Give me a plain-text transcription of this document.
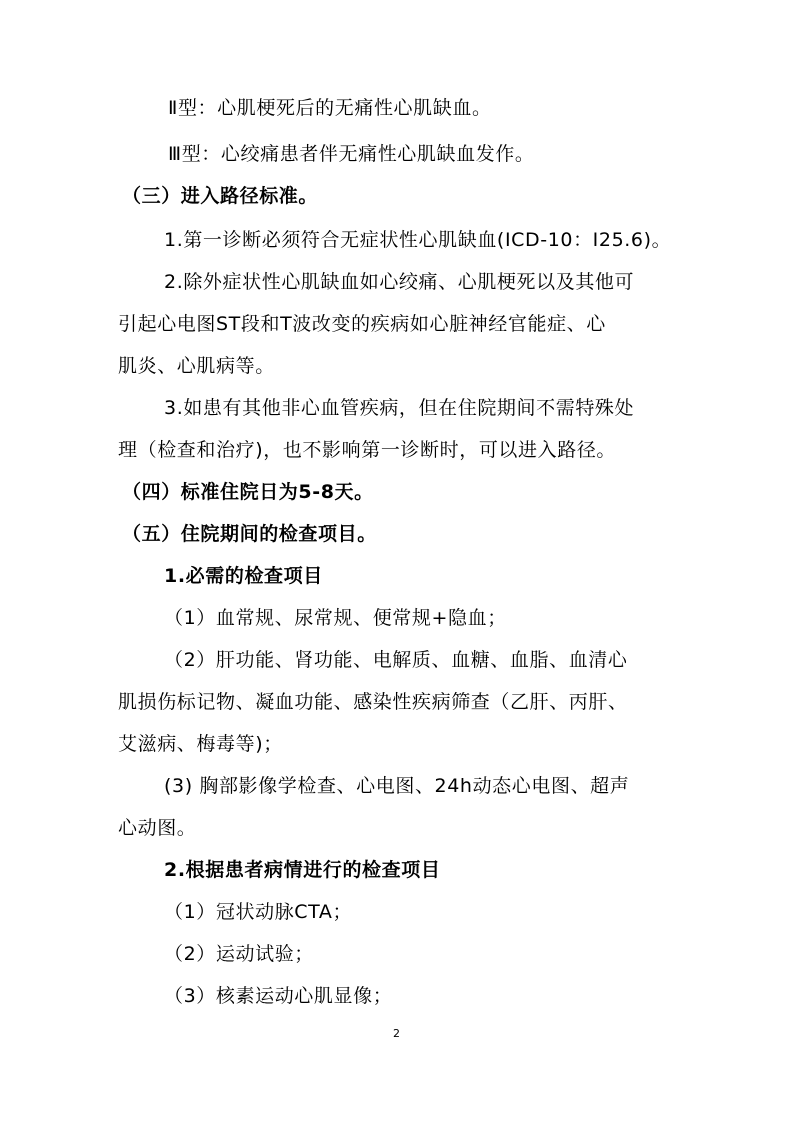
Ⅱ型：心肌梗死后的无痛性心肌缺血。

Ⅲ型：心绞痛患者伴无痛性心肌缺血发作。

（三）进入路径标准。

1.第一诊断必须符合无症状性心肌缺血(ICD-10：I25.6)。

2.除外症状性心肌缺血如心绞痛、心肌梗死以及其他可

引起心电图ST段和T波改变的疾病如心脏神经官能症、心

肌炎、心肌病等。

3.如患有其他非心血管疾病，但在住院期间不需特殊处

理（检查和治疗)，也不影响第一诊断时，可以进入路径。

（四）标准住院日为5-8天。

（五）住院期间的检查项目。

1.必需的检查项目

（1）血常规、尿常规、便常规+隐血；

（2）肝功能、肾功能、电解质、血糖、血脂、血清心

肌损伤标记物、凝血功能、感染性疾病筛查（乙肝、丙肝、

艾滋病、梅毒等)；

(3) 胸部影像学检查、心电图、24h动态心电图、超声

心动图。

2.根据患者病情进行的检查项目

（1）冠状动脉CTA；

（2）运动试验；

（3）核素运动心肌显像；

2
